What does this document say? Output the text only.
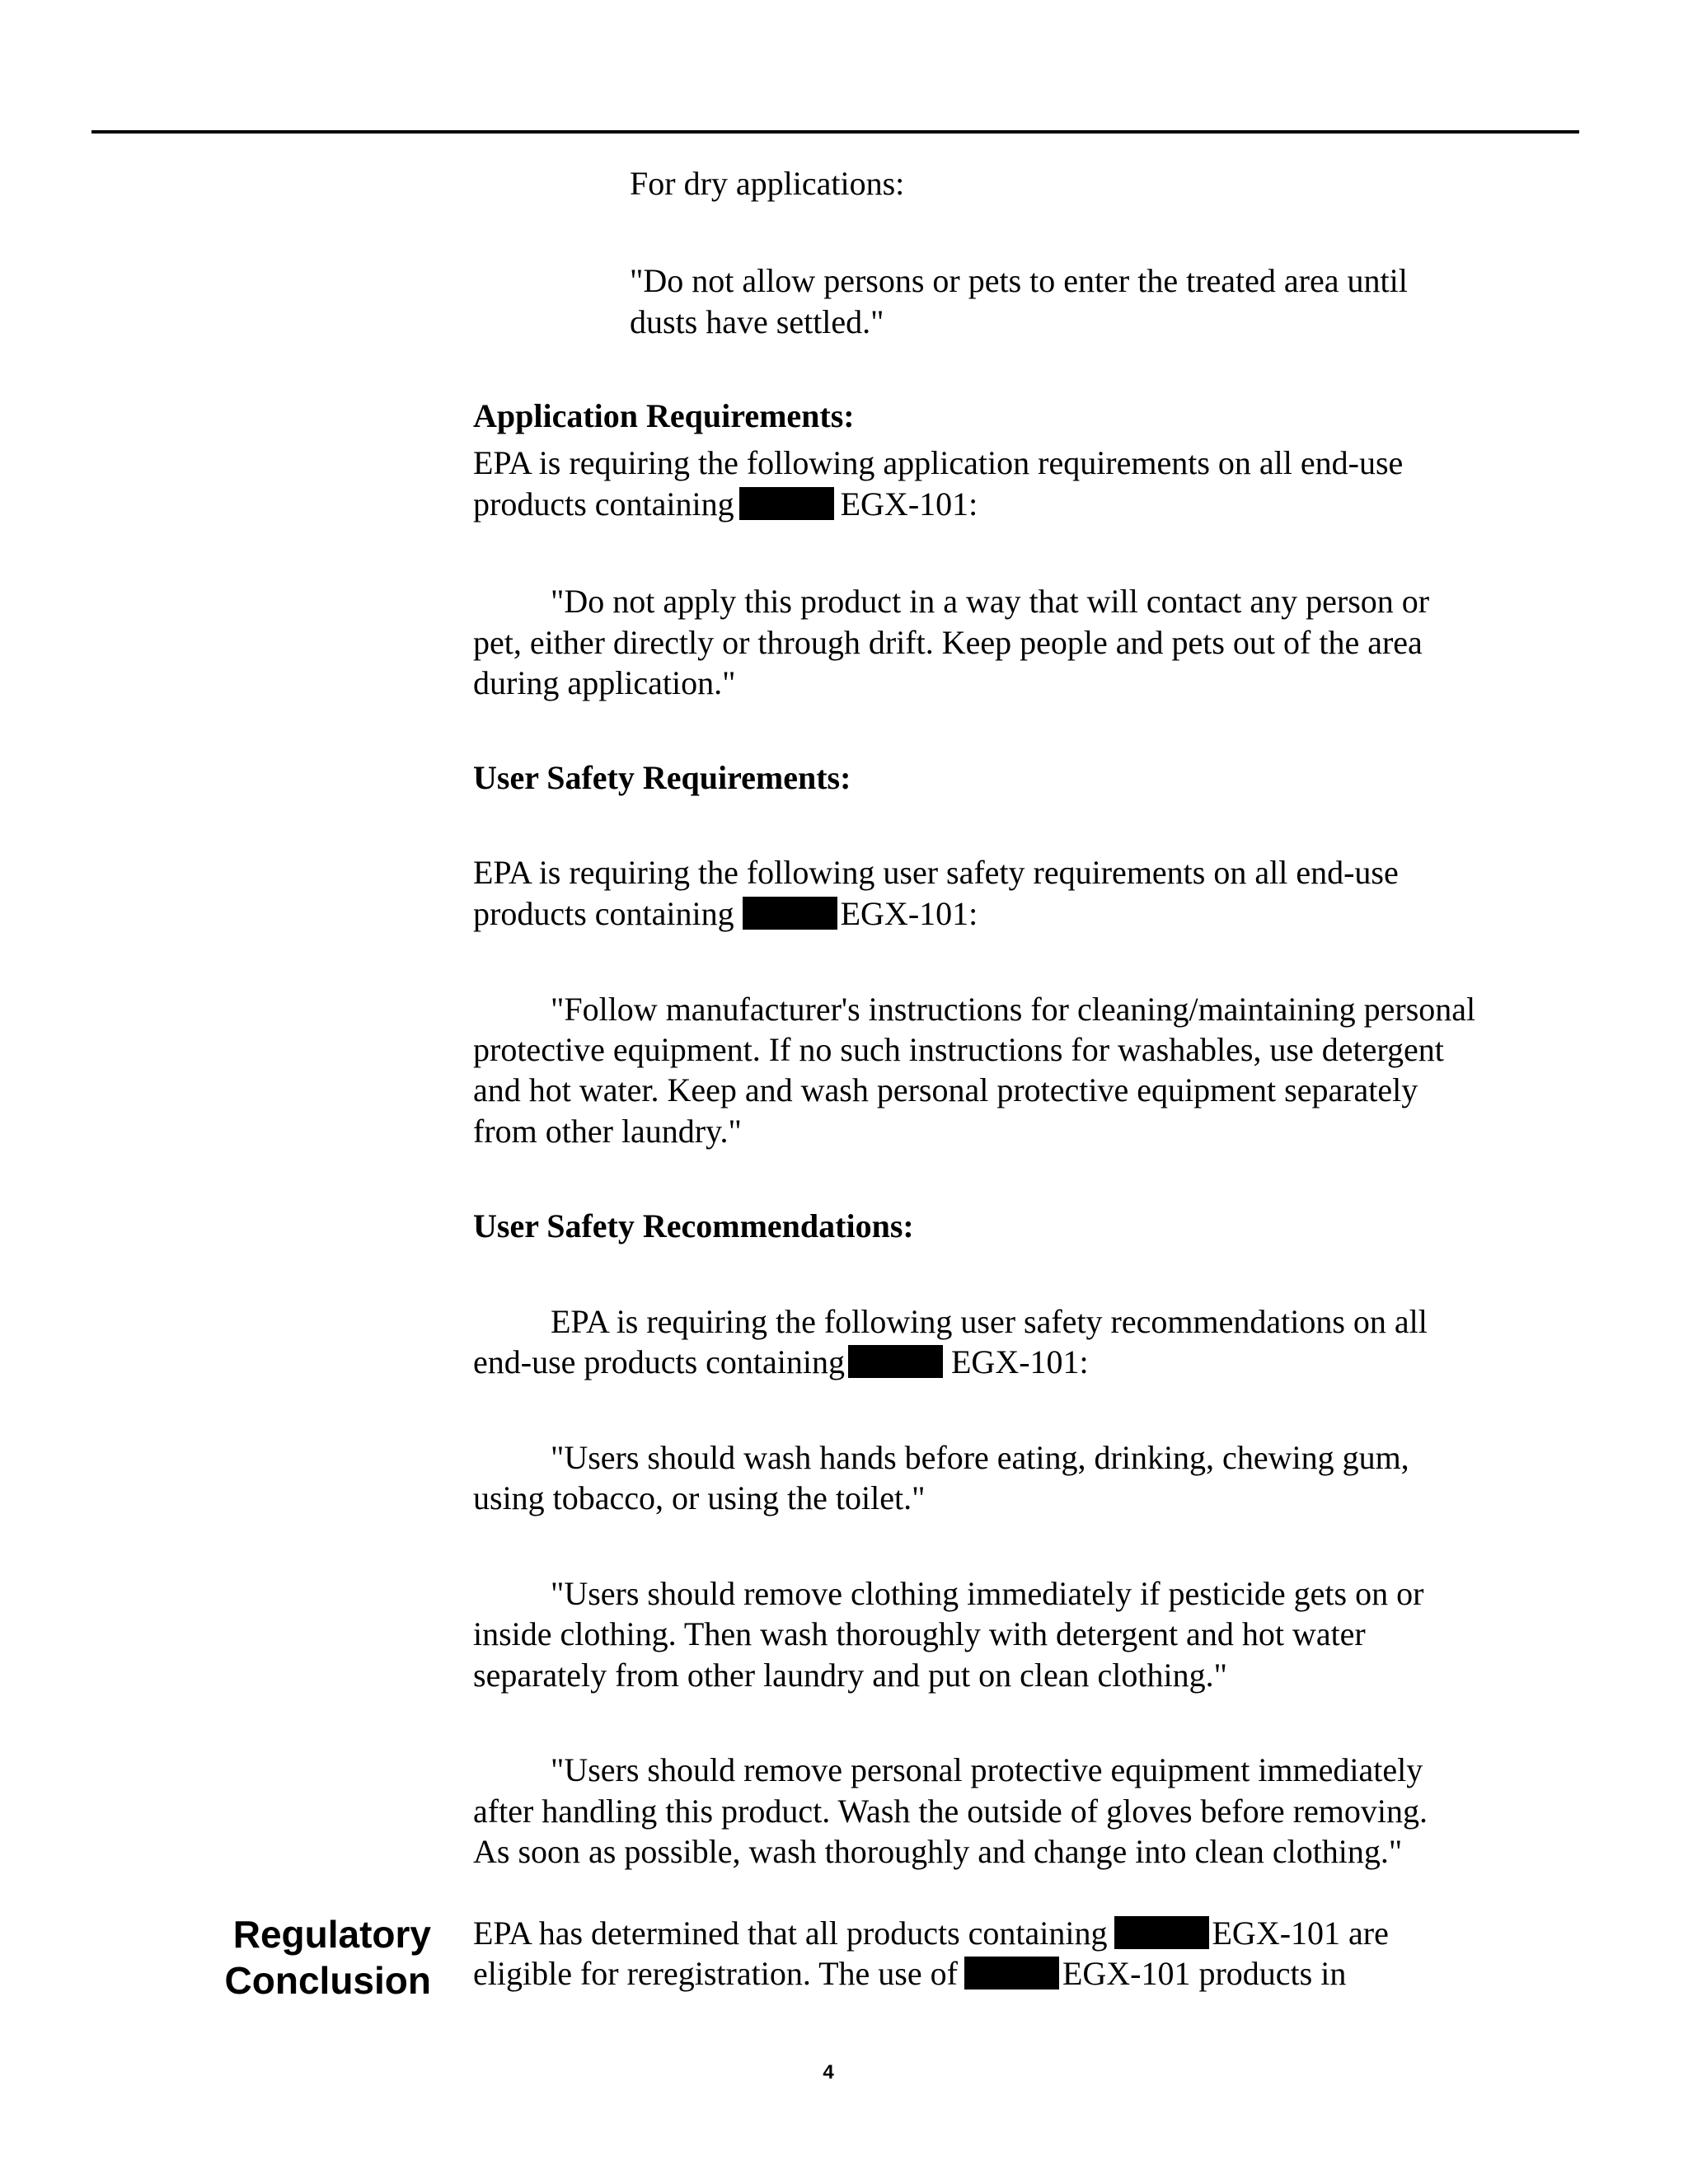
For dry applications:
"Do not allow persons or pets to enter the treated area until
dusts have settled."
Application Requirements:
EPA is requiring the following application requirements on all end-use
products containing	EGX-101:
"Do not apply this product in a way that will contact any person or
pet, either directly or through drift. Keep people and pets out of the area
during application."
User Safety Requirements:
EPA is requiring the following user safety requirements on all end-use
products containing	EGX-101:
"Follow manufacturer's instructions for cleaning/maintaining personal
protective equipment. If no such instructions for washables, use detergent
and hot water. Keep and wash personal protective equipment separately
from other laundry."
User Safety Recommendations:
EPA is requiring the following user safety recommendations on all
end-use products containing	EGX-101:
"Users should wash hands before eating, drinking, chewing gum,
using tobacco, or using the toilet."
"Users should remove clothing immediately if pesticide gets on or
inside clothing. Then wash thoroughly with detergent and hot water
separately from other laundry and put on clean clothing."
"Users should remove personal protective equipment immediately
after handling this product. Wash the outside of gloves before removing.
As soon as possible, wash thoroughly and change into clean clothing."
Regulatory
Conclusion
EPA has determined that all products containing	EGX-101 are
eligible for reregistration. The use of	EGX-101 products in
4
